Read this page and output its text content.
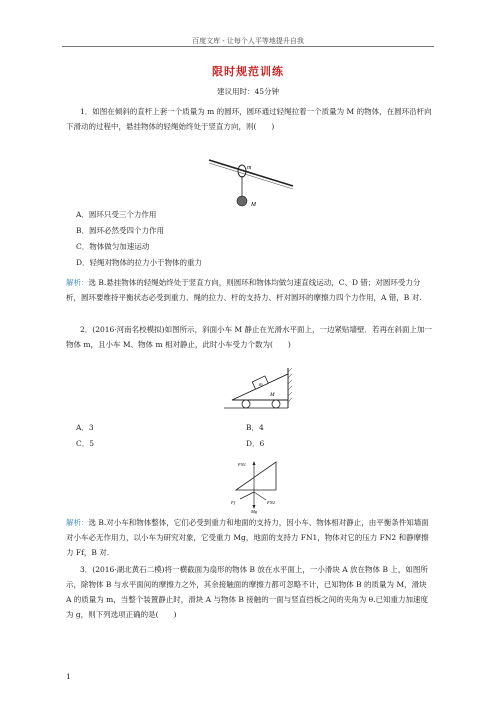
百度文库 - 让每个人平等地提升自我
限时规范训练
建议用时：45分钟

1．如图在倾斜的直杆上套一个质量为 m 的圆环，圆环通过轻绳拉着一个质量为 M 的物体，在圆环沿杆向下滑动的过程中，悬挂物体的轻绳始终处于竖直方向，则(　　)

m
M
A．圆环只受三个力作用
B．圆环必然受四个力作用
C．物体做匀加速运动
D．轻绳对物体的拉力小于物体的重力

解析：选 B.悬挂物体的轻绳始终处于竖直方向，则圆环和物体均做匀速直线运动，C、D 错；对圆环受力分析，圆环要维持平衡状态必受到重力、绳的拉力、杆的支持力、杆对圆环的摩擦力四个力作用，A 错，B 对.

2．(2016·河南名校模拟)如图所示，斜面小车 M 静止在光滑水平面上，一边紧贴墙壁．若再在斜面上加一物体 m，且小车 M、物体 m 相对静止，此时小车受力个数为(　　)

m
M
A．3	B．4
C．5	D．6
FN1
Ff
Mg
FN2

解析：选 B.对小车和物体整体，它们必受到重力和地面的支持力，因小车、物体相对静止，由平衡条件知墙面对小车必无作用力，以小车为研究对象，它受重力 Mg，地面的支持力 FN1，物体对它的压力 FN2 和静摩擦力 Ff，B 对.

3．(2016·湖北黄石二模)将一横截面为扇形的物体 B 放在水平面上，一小滑块 A 放在物体 B 上，如图所示，除物体 B 与水平面间的摩擦力之外，其余接触面的摩擦力都可忽略不计，已知物体 B 的质量为 M，滑块 A 的质量为 m，当整个装置静止时，滑块 A 与物体 B 接触的一面与竖直挡板之间的夹角为 θ.已知重力加速度为 g，则下列选项正确的是(　　)

1
